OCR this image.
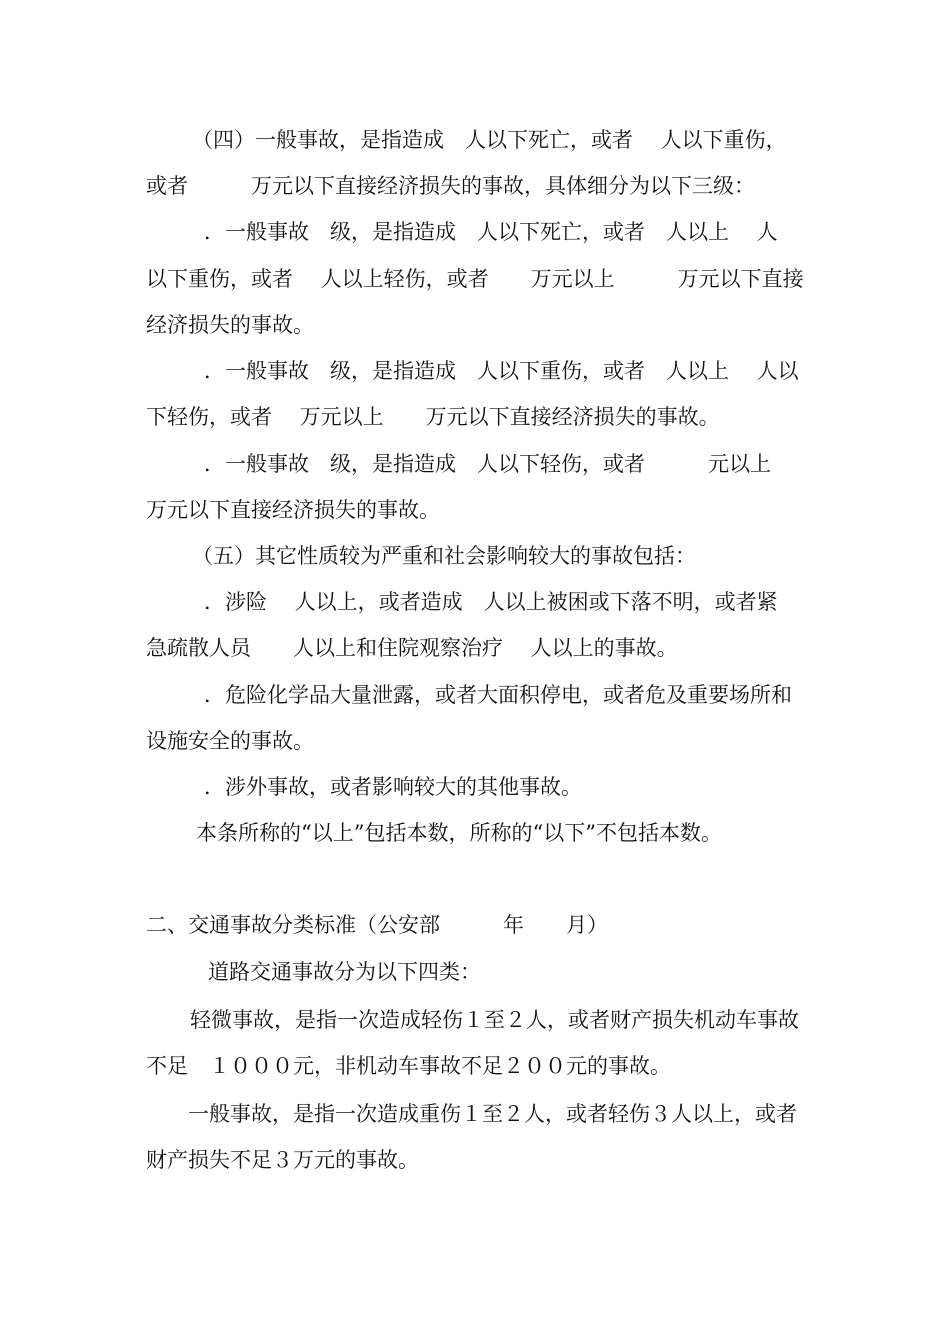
（四）一般事故，是指造成　人以下死亡，或者　 人以下重伤，
或者　　　万元以下直接经济损失的事故，具体细分为以下三级：
．一般事故　级，是指造成　人以下死亡，或者　人以上　 人
以下重伤，或者　 人以上轻伤，或者　　万元以上　　　万元以下直接
经济损失的事故。
．一般事故　级，是指造成　人以下重伤，或者　人以上　 人以
下轻伤，或者　 万元以上　　万元以下直接经济损失的事故。
．一般事故　级，是指造成　人以下轻伤，或者　　　元以上
万元以下直接经济损失的事故。
（五）其它性质较为严重和社会影响较大的事故包括：
．涉险　 人以上，或者造成　人以上被困或下落不明，或者紧
急疏散人员　　人以上和住院观察治疗　 人以上的事故。
．危险化学品大量泄露，或者大面积停电，或者危及重要场所和
设施安全的事故。
．涉外事故，或者影响较大的其他事故。
本条所称的“以上”包括本数，所称的“以下”不包括本数。
二、交通事故分类标准（公安部　　　年　　月）
道路交通事故分为以下四类：
轻微事故，是指一次造成轻伤１至２人，或者财产损失机动车事故
不足　１０００元，非机动车事故不足２００元的事故。
一般事故，是指一次造成重伤１至２人，或者轻伤３人以上，或者
财产损失不足３万元的事故。
